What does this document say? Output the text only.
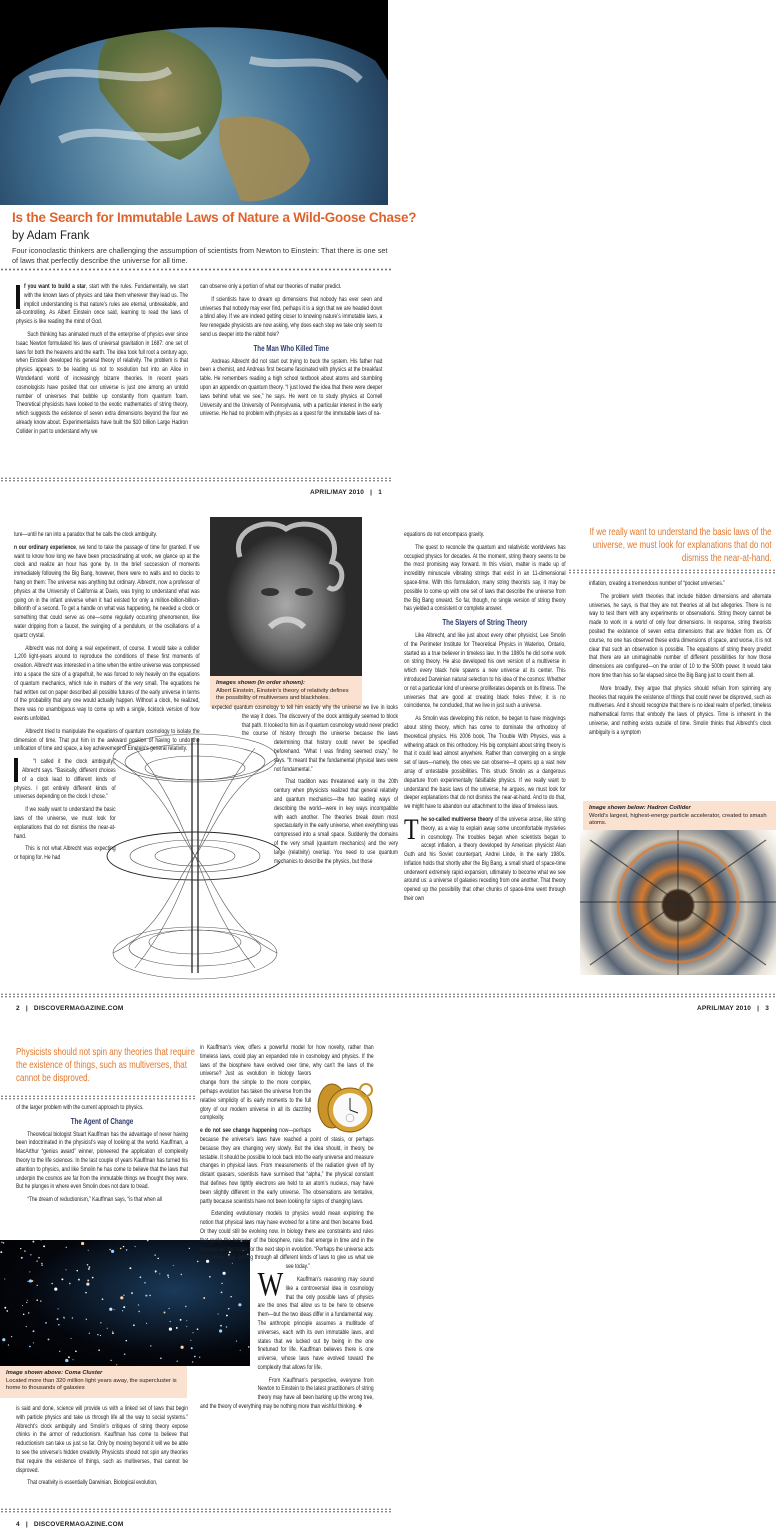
Is the Search for Immutable Laws of Nature a Wild-Goose Chase?
by Adam Frank
Four iconoclastic thinkers are challenging the assumption of scientists from Newton to Einstein: That there is one set of laws that perfectly describe the universe for all time.

f you want to build a star, start with the rules. Fundamentally, we start with the known laws of physics and take them wherever they lead us. The implicit understanding is that nature’s rules are eternal, unbreakable, and all-controlling. As Albert Einstein once said, learning to read the laws of physics is like reading the mind of God.

Such thinking has animated much of the enterprise of physics ever since Isaac Newton formulated his laws of universal gravitation in 1687: one set of laws for both the heavens and the earth. The idea took full root a century ago, when Einstein developed his general theory of relativity. The problem is that physics appears to be leading us not to resolution but into an Alice in Wonderland world of increasingly bizarre theories. In recent years cosmologists have posited that our universe is just one among an untold number of universes that bubble up constantly from quantum foam. Theoretical physicists have looked to the exotic mathematics of string theory, which suggests the existence of seven extra dimensions beyond the four we already know about. Experimentalists have built the $10 billion Large Hadron Collider in part to understand why we

can observe only a portion of what our theories of matter predict.

If scientists have to dream up dimensions that nobody has ever seen and universes that nobody may ever find, perhaps it is a sign that we are headed down a blind alley. If we are indeed getting closer to knowing nature’s immutable laws, a few renegade physicists are now asking, why does each step we take only seem to send us deeper into the rabbit hole?

The Man Who Killed Time

Andreas Albrecht did not start out trying to buck the system. His father had been a chemist, and Andreas first became fascinated with physics at the breakfast table. He remembers reading a high school textbook about atoms and stumbling upon an appendix on quantum theory. “I just loved the idea that there were deeper laws behind what we see,” he says. He went on to study physics at Cornell University and the University of Pennsylvania, with a particular interest in the early universe. He had no problem with physics as a quest for the immutable laws of na-

APRIL/MAY 2010 | 1

ture—until he ran into a paradox that he calls the clock ambiguity.

n our ordinary experience, we tend to take the passage of time for granted. If we want to know how long we have been procrastinating at work, we glance up at the clock and realize an hour has gone by. In the brief succession of moments immediately following the Big Bang, however, there were no walls and no clocks to hang on them: The universe was anything but ordinary. Albrecht, now a professor of physics at the University of California at Davis, was trying to understand what was going on in the infant universe when it had existed for only a million-billion-billion-billionth of a second. To get a handle on what was happening, he needed a clock or something that could serve as one—some regularly occurring phenomenon, like water dripping from a faucet, the swinging of a pendulum, or the oscillations of a quartz crystal.

Albrecht was not doing a real experiment, of course. It would take a collider 1,200 light-years around to reproduce the conditions of these first moments of creation. Albrecht was interested in a time when the entire universe was compressed into a space the size of a grapefruit, he was forced to rely heavily on the equations of quantum mechanics, which rule in matters of the very small. The equations he had written out on paper described all possible futures of the early universe in terms of the probability that any one would actually happen. Without a clock, he realized, there was no unambiguous way to come up with a single, ticktock version of how events unfolded.

Albrecht tried to manipulate the equations of quantum cosmology to isolate the dimension of time. That put him in the awkward position of having to undo the unification of time and space, a key achievement of Einstein’s general relativity.

“I called it the clock ambiguity,” Albrecht says. “Basically, different choices of a clock lead to different kinds of physics. I got entirely different kinds of universes depending on the clock I chose.”

If we really want to understand the basic laws of the universe, we must look for explanations that do not dismiss the near-at-hand.

This is not what Albrecht was expecting or hoping for. He had

Images shown (in order shown):
Albert Einstein, Einstein’s theory of relativity defines the possibility of multiverses and blackholes.

expected quantum cosmology to tell him exactly why the universe we live in looks the way it does. The discovery of the clock ambiguity seemed to block that path. It looked to him as if quantum cosmology would never predict the course of history through the universe because the laws determining that history could never be specified beforehand. “What I was finding seemed crazy,” he says. “It meant that the fundamental physical laws were not fundamental.”

That tradition was threatened early in the 20th century when physicists realized that general relativity and quantum mechanics—the two leading ways of describing the world—were in key ways incompatible with each another. The theories break down most spectacularly in the early universe, when everything was compressed into a small space. Suddenly the domains of the very small (quantum mechanics) and the very large (relativity) overlap. You need to use quantum mechanics to describe the physics, but those

equations do not encompass gravity.

The quest to reconcile the quantum and relativistic worldviews has occupied physics for decades. At the moment, string theory seems to be the most promising way forward. In this vision, matter is made up of incredibly minuscule vibrating strings that exist in an 11-dimensional space-time. With this formulation, many string theorists say, it may be possible to come up with one set of laws that describe the universe from the Big Bang onward. So far, though, no single version of string theory has yielded a consistent or complete answer.

The Slayers of String Theory

Like Albrecht, and like just about every other physicist, Lee Smolin of the Perimeter Institute for Theoretical Physics in Waterloo, Ontario, started as a true believer in timeless law. In the 1980s he did some work on string theory. He also developed his own version of a multiverse in which every black hole spawns a new universe at its center. This introduced Darwinian natural selection to his idea of the cosmos: Whether or not a particular kind of universe proliferates depends on its fitness. The universes that are good at creating black holes thrive; it is no coincidence, he concluded, that we live in just such a universe.

As Smolin was developing this notion, he began to have misgivings about string theory, which has come to dominate the orthodoxy of theoretical physics. His 2006 book, The Trouble With Physics, was a withering attack on this orthodoxy. His big complaint about string theory is that it could lead almost anywhere. Rather than converging on a single set of laws—namely, the ones we can observe—it opens up a vast new array of untestable possibilities. This struck Smolin as a dangerous departure from experimentally falsifiable physics. If we really want to understand the basic laws of the universe, he argues, we must look for deeper explanations that do not dismiss the near-at-hand. And to do that, we might have to abandon our attachment to the idea of timeless laws.

The so-called multiverse theory of the universe arose, like string theory, as a way to explain away some uncomfortable mysteries in cosmology. The troubles began when scientists began to accept inflation, a theory developed by American physicist Alan Guth and his Soviet counterpart, Andrei Linde, in the early 1980s. Inflation holds that shortly after the Big Bang, a small shard of space-time underwent extremely rapid expansion, ultimately to become what we see around us: a universe of galaxies receding from one another. That theory opened up the possibility that other chunks of space-time went through their own

If we really want to understand the basic laws of the universe, we must look for explanations that do not dismiss the near-at-hand.

inflation, creating a tremendous number of “pocket universes.”

The problem wivth theories that include hidden dimensions and alternate universes, he says, is that they are not theories at all but allegories. There is no way to test them with any experiments or observations. String theory cannot be made to work in a world of only four dimensions. In response, string theorists posited the existence of seven extra dimensions that are hidden from us. Of course, no one has observed these extra dimensions of space, and worse, it is not clear that such an observation is possible. The equations of string theory predict that there are an unimaginable number of different possibilities for how those dimensions are configured—on the order of 10 to the 500th power. It would take more time than has so far elapsed since the Big Bang just to count them all.

More broadly, they argue that physics should refrain from spinning any theories that require the existence of things that could never be disproved, such as multiverses. And it should recognize that there is no ideal realm of perfect, timeless mathematical forms that embody the laws of physics. Time is inherent in the universe, and nothing exists outside of time. Smolin thinks that Albrecht’s clock ambiguity is a symptom

Image shown below: Hadron Collider
World’s largest, highest-energy particle accelerator, created to smash atoms.
2 | DISCOVERMAGAZINE.COM	APRIL/MAY 2010 | 3
Physicists should not spin any theories that require the existence of things, such as multiverses, that cannot be disproved.

of the larger problem with the current approach to physics.

The Agent of Change

Theoretical biologist Stuart Kauffman has the advantage of never having been indoctrinated in the physicist’s way of looking at the world. Kauffman, a MacArthur “genius award” winner, pioneered the application of complexity theory to the life sciences. In the last couple of years Kauffman has turned his attention to physics, and like Smolin he has come to believe that the laws that underpin the cosmos are far from the immutable things we thought they were. But he plunges in where even Smolin does not dare to tread.

“The dream of reductionism,” Kauffman says, “is that when all

Image shown above: Coma Cluster
Located more than 320 million light years away, the supercluster is home to thousands of galaxies

is said and done, science will provide us with a linked set of laws that begin with particle physics and take us through life all the way to social systems.” Albrecht’s clock ambiguity and Smolin’s critiques of string theory expose chinks in the armor of reductionism. Kauffman has come to believe that reductionism can take us just so far. Only by moving beyond it will we be able to see the universe’s hidden creativity. Physicists should not spin any theories that require the existence of things, such as multiverses, that cannot be disproved.

That creativity is essentially Darwinian. Biological evolution,

in Kauffman’s view, offers a powerful model for how novelty, rather than timeless laws, could play an expanded role in cosmology and physics. If the laws of the biosphere have evolved over time, why can’t the laws of the universe? Just as evolution in biology favors change from the simple to the more complex, perhaps evolution has taken the universe from the relative simplicity of its early moments to the full glory of our modern universe in all its dazzling complexity.

W
e do not see change happening now—perhaps because the universe’s laws have reached a point of stasis, or perhaps because they are changing very slowly. But the idea should, in theory, be testable. It should be possible to look back into the early universe and measure changes in physical laws. From measurements of the radiation given off by distant quasars, scientists have surmised that “alpha,” the physical constant that defines how tightly electrons are held to an atom’s nucleus, may have been slightly different in the early universe. The observations are tentative, partly because scientists have not been looking for signs of changing laws.

Extending evolutionary models to physics would mean exploring the notion that physical laws may have evolved for a time and then became fixed. Or they could still be evolving now. In biology there are constraints and rules that guide the behavior of the biosphere, rules that emerge in time and in the process set the stage for the next step in evolution. “Perhaps the universe acts in a similar way, sorting through all different kinds of laws to give us what we see today.”

Kauffman’s reasoning may sound like a controversial idea in cosmology that the only possible laws of physics are the ones that allow us to be here to observe them—but the two ideas differ in a fundamental way. The anthropic principle assumes a multitude of universes, each with its own immutable laws, and states that we lucked out by being in the one finetuned for life. Kauffman believes there is one universe, whose laws have evolved toward the complexity that allows for life.

From Kauffman’s perspective, everyone from Newton to Einstein to the latest practitioners of string theory may have all been barking up the wrong tree, and the theory of everything may be nothing more than wishful thinking. ❖

4 | DISCOVERMAGAZINE.COM
